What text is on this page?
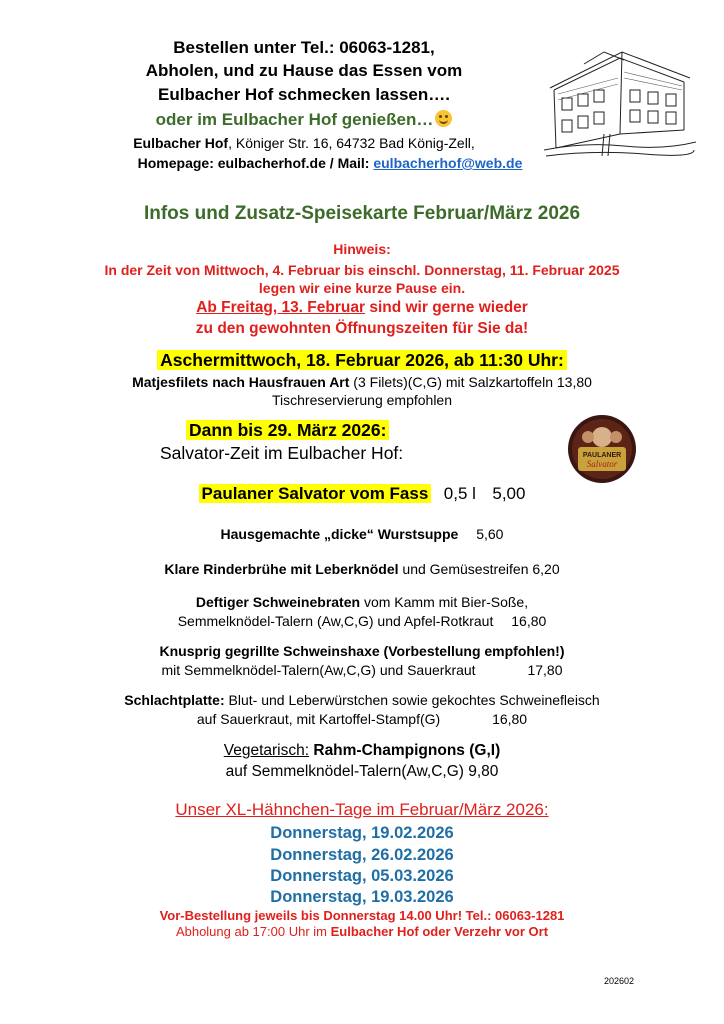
Bestellen unter Tel.: 06063-1281,
Abholen, und zu Hause das Essen vom
Eulbacher Hof schmecken lassen….
oder im Eulbacher Hof genießen…
Eulbacher Hof, Königer Str. 16, 64732 Bad König-Zell,
Homepage: eulbacherhof.de / Mail: eulbacherhof@web.de
Infos und Zusatz-Speisekarte Februar/März 2026
Hinweis:
In der Zeit von Mittwoch, 4. Februar bis einschl. Donnerstag, 11. Februar 2025
legen wir eine kurze Pause ein.
Ab Freitag, 13. Februar sind wir gerne wieder
zu den gewohnten Öffnungszeiten für Sie da!
Aschermittwoch, 18. Februar 2026, ab 11:30 Uhr:
Matjesfilets nach Hausfrauen Art (3 Filets)(C,G) mit Salzkartoffeln 13,80
Tischreservierung empfohlen
Dann bis 29. März 2026:
Salvator-Zeit im Eulbacher Hof:	PAULANER
Salvator
Paulaner Salvator vom Fass 0,5 l 5,00
Hausgemachte „dicke“ Wurstsuppe 5,60
Klare Rinderbrühe mit Leberknödel und Gemüsestreifen 6,20
Deftiger Schweinebraten vom Kamm mit Bier-Soße,
Semmelknödel-Talern (Aw,C,G) und Apfel-Rotkraut 16,80
Knusprig gegrillte Schweinshaxe (Vorbestellung empfohlen!)
mit Semmelknödel-Talern(Aw,C,G) und Sauerkraut	17,80
Schlachtplatte: Blut- und Leberwürstchen sowie gekochtes Schweinefleisch
auf Sauerkraut, mit Kartoffel-Stampf(G)	16,80
Vegetarisch: Rahm-Champignons (G,I)
auf Semmelknödel-Talern(Aw,C,G) 9,80
Unser XL-Hähnchen-Tage im Februar/März 2026:
Donnerstag, 19.02.2026
Donnerstag, 26.02.2026
Donnerstag, 05.03.2026
Donnerstag, 19.03.2026
Vor-Bestellung jeweils bis Donnerstag 14.00 Uhr! Tel.: 06063-1281
Abholung ab 17:00 Uhr im Eulbacher Hof oder Verzehr vor Ort
202602
